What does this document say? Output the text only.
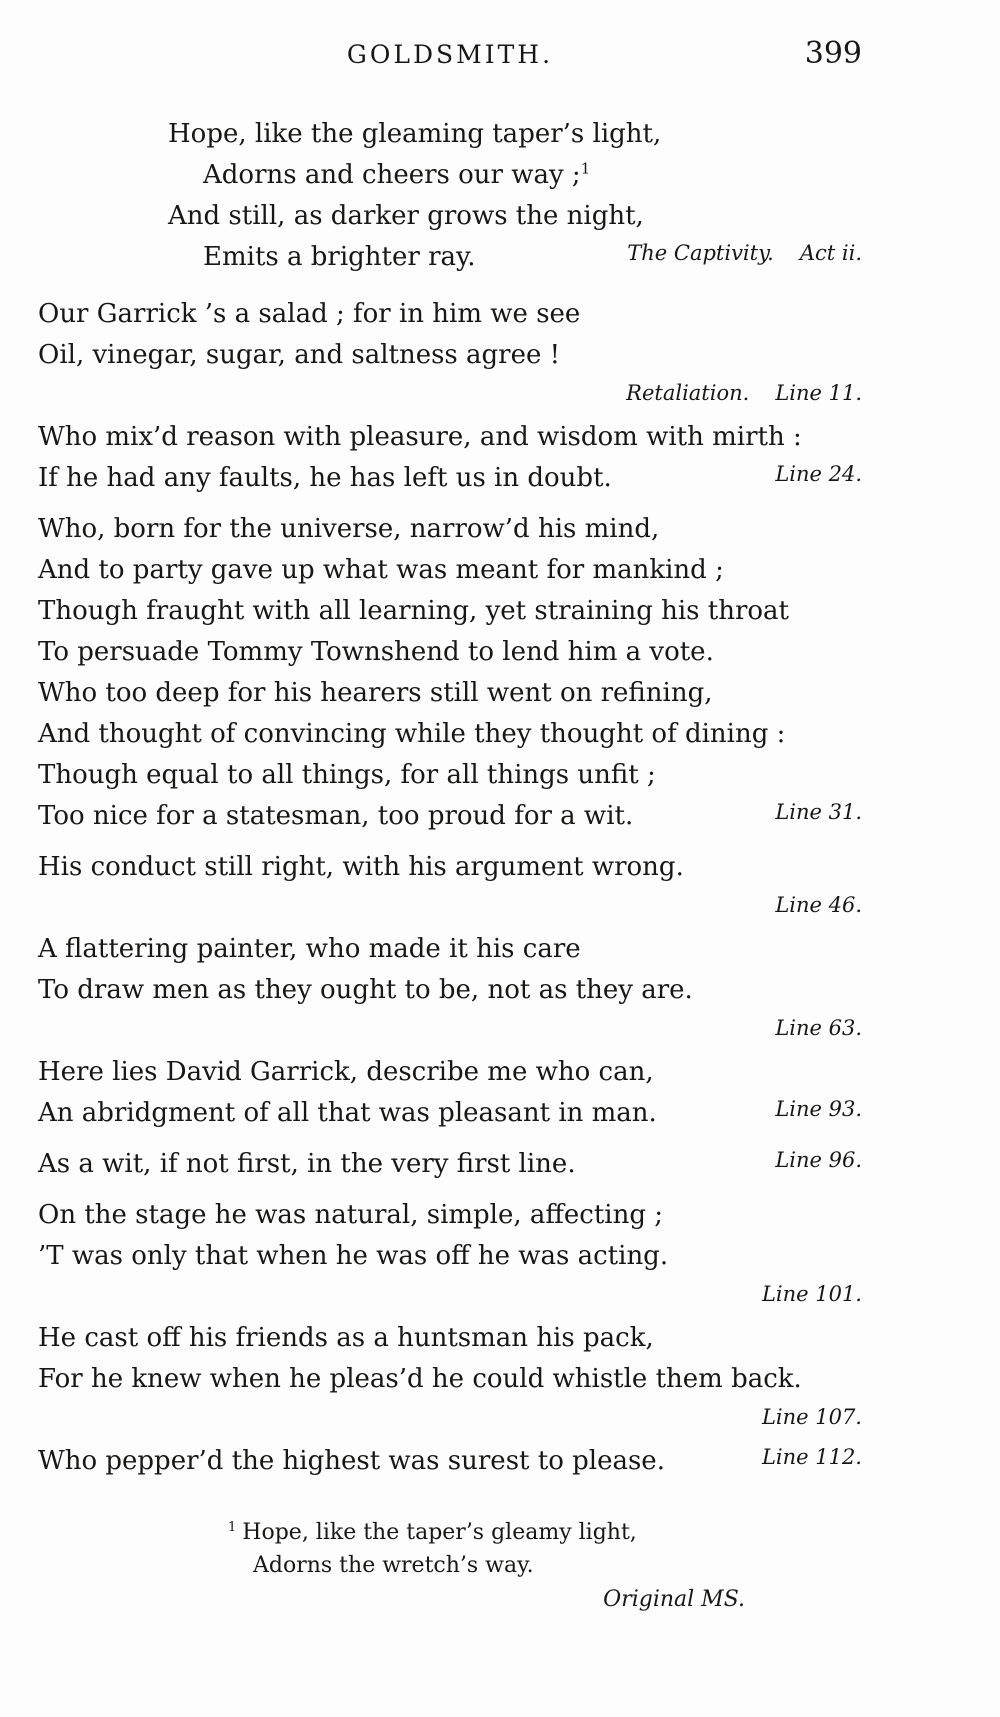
GOLDSMITH.	399
Hope, like the gleaming taper’s light,
Adorns and cheers our way ;$^1$
And still, as darker grows the night,
Emits a brighter ray.	The Captivity. Act ii.
Our Garrick ’s a salad ; for in him we see
Oil, vinegar, sugar, and saltness agree !
Retaliation. Line 11.
Who mix’d reason with pleasure, and wisdom with mirth :
If he had any faults, he has left us in doubt.	Line 24.
Who, born for the universe, narrow’d his mind,
And to party gave up what was meant for mankind ;
Though fraught with all learning, yet straining his throat
To persuade Tommy Townshend to lend him a vote.
Who too deep for his hearers still went on refining,
And thought of convincing while they thought of dining :
Though equal to all things, for all things unfit ;
Too nice for a statesman, too proud for a wit.	Line 31.
His conduct still right, with his argument wrong.
Line 46.
A flattering painter, who made it his care
To draw men as they ought to be, not as they are.
Line 63.
Here lies David Garrick, describe me who can,
An abridgment of all that was pleasant in man.	Line 93.
As a wit, if not first, in the very first line.	Line 96.
On the stage he was natural, simple, affecting ;
’T was only that when he was off he was acting.
Line 101.
He cast off his friends as a huntsman his pack,
For he knew when he pleas’d he could whistle them back.
Line 107.
Who pepper’d the highest was surest to please.	Line 112.
$^1$ Hope, like the taper’s gleamy light,
Adorns the wretch’s way.
Original MS.
